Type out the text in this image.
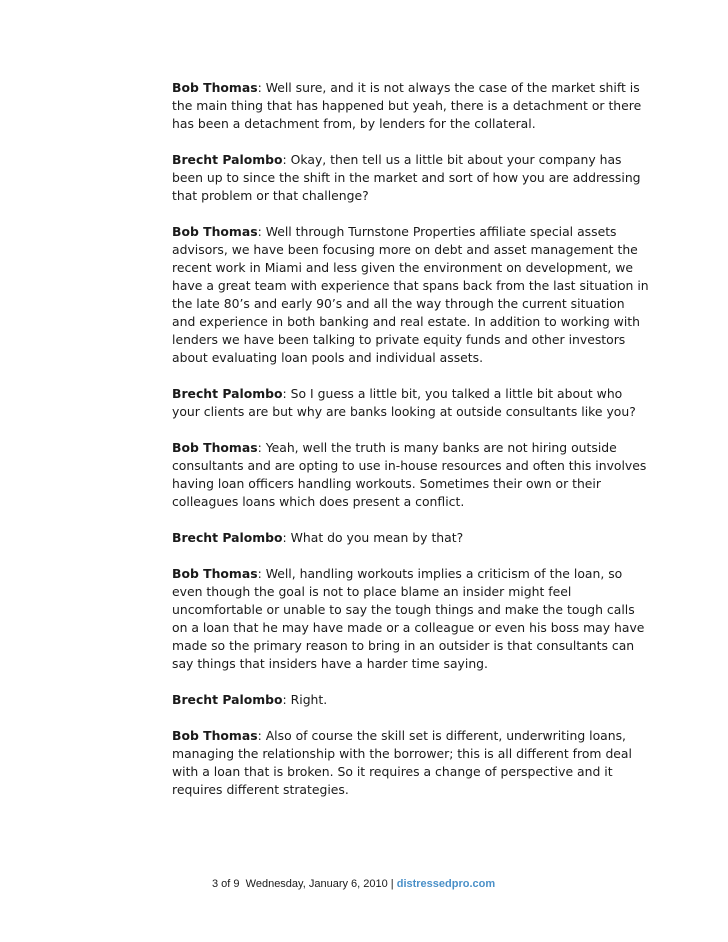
Bob Thomas: Well sure, and it is not always the case of the market shift is the main thing that has happened but yeah, there is a detachment or there has been a detachment from, by lenders for the collateral.

Brecht Palombo: Okay, then tell us a little bit about your company has been up to since the shift in the market and sort of how you are addressing that problem or that challenge?

Bob Thomas: Well through Turnstone Properties affiliate special assets advisors, we have been focusing more on debt and asset management the recent work in Miami and less given the environment on development, we have a great team with experience that spans back from the last situation in the late 80’s and early 90’s and all the way through the current situation and experience in both banking and real estate. In addition to working with lenders we have been talking to private equity funds and other investors about evaluating loan pools and individual assets.

Brecht Palombo: So I guess a little bit, you talked a little bit about who your clients are but why are banks looking at outside consultants like you?

Bob Thomas: Yeah, well the truth is many banks are not hiring outside consultants and are opting to use in-house resources and often this involves having loan officers handling workouts. Sometimes their own or their colleagues loans which does present a conflict.

Brecht Palombo: What do you mean by that?

Bob Thomas: Well, handling workouts implies a criticism of the loan, so even though the goal is not to place blame an insider might feel uncomfortable or unable to say the tough things and make the tough calls on a loan that he may have made or a colleague or even his boss may have made so the primary reason to bring in an outsider is that consultants can say things that insiders have a harder time saying.

Brecht Palombo: Right.

Bob Thomas: Also of course the skill set is different, underwriting loans, managing the relationship with the borrower; this is all different from deal with a loan that is broken. So it requires a change of perspective and it requires different strategies.

3 of 9 Wednesday, January 6, 2010 | distressedpro.com
